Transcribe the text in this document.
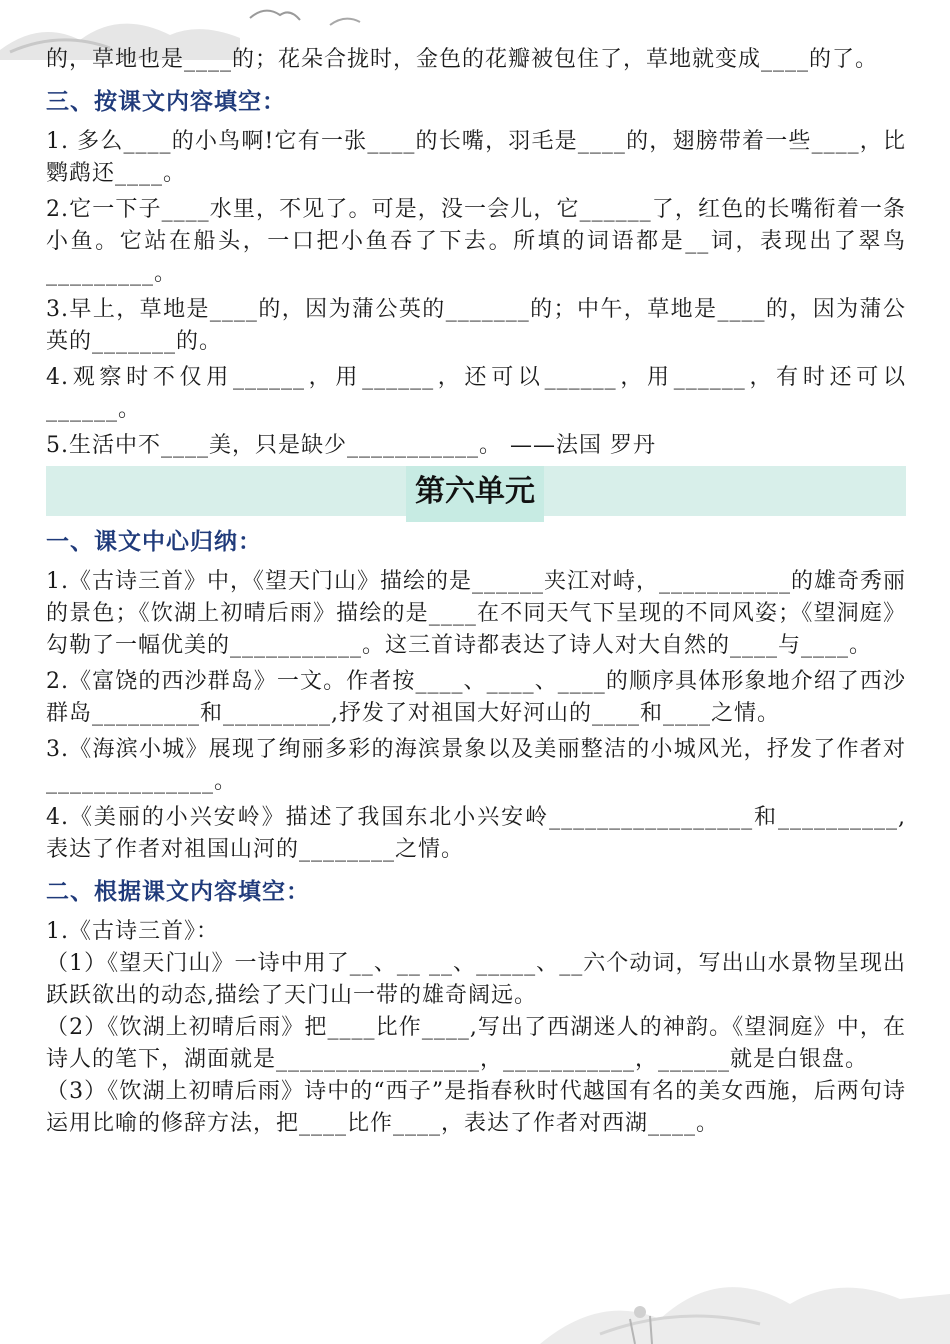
的，草地也是____的；花朵合拢时，金色的花瓣被包住了，草地就变成____的了。

三、按课文内容填空：

1. 多么____的小鸟啊!它有一张____的长嘴，羽毛是____的，翅膀带着一些____，比鹦鹉还____。

2.它一下子____水里，不见了。可是，没一会儿，它______了，红色的长嘴衔着一条小鱼。它站在船头，一口把小鱼吞了下去。所填的词语都是__词，表现出了翠鸟_________。

3.早上，草地是____的，因为蒲公英的_______的；中午，草地是____的，因为蒲公英的_______的。

4.观察时不仅用______，用______，还可以______，用______，有时还可以______。

5.生活中不____美，只是缺少___________。 ——法国 罗丹

第六单元
一、课文中心归纳：

1.《古诗三首》中，《望天门山》描绘的是______夹江对峙，___________的雄奇秀丽的景色；《饮湖上初晴后雨》描绘的是____在不同天气下呈现的不同风姿；《望洞庭》勾勒了一幅优美的___________。这三首诗都表达了诗人对大自然的____与____。

2.《富饶的西沙群岛》一文。作者按____、____、____的顺序具体形象地介绍了西沙群岛_________和_________,抒发了对祖国大好河山的____和____之情。

3.《海滨小城》展现了绚丽多彩的海滨景象以及美丽整洁的小城风光，抒发了作者对______________。

4.《美丽的小兴安岭》描述了我国东北小兴安岭_________________和__________,表达了作者对祖国山河的________之情。

二、根据课文内容填空：

1.《古诗三首》：

（1）《望天门山》一诗中用了__、__ __、_____、__六个动词，写出山水景物呈现出跃跃欲出的动态,描绘了天门山一带的雄奇阔远。

（2）《饮湖上初晴后雨》把____比作____,写出了西湖迷人的神韵。《望洞庭》中，在诗人的笔下，湖面就是_________________，___________，______就是白银盘。

（3）《饮湖上初晴后雨》诗中的“西子”是指春秋时代越国有名的美女西施，后两句诗运用比喻的修辞方法，把____比作____，表达了作者对西湖____。
